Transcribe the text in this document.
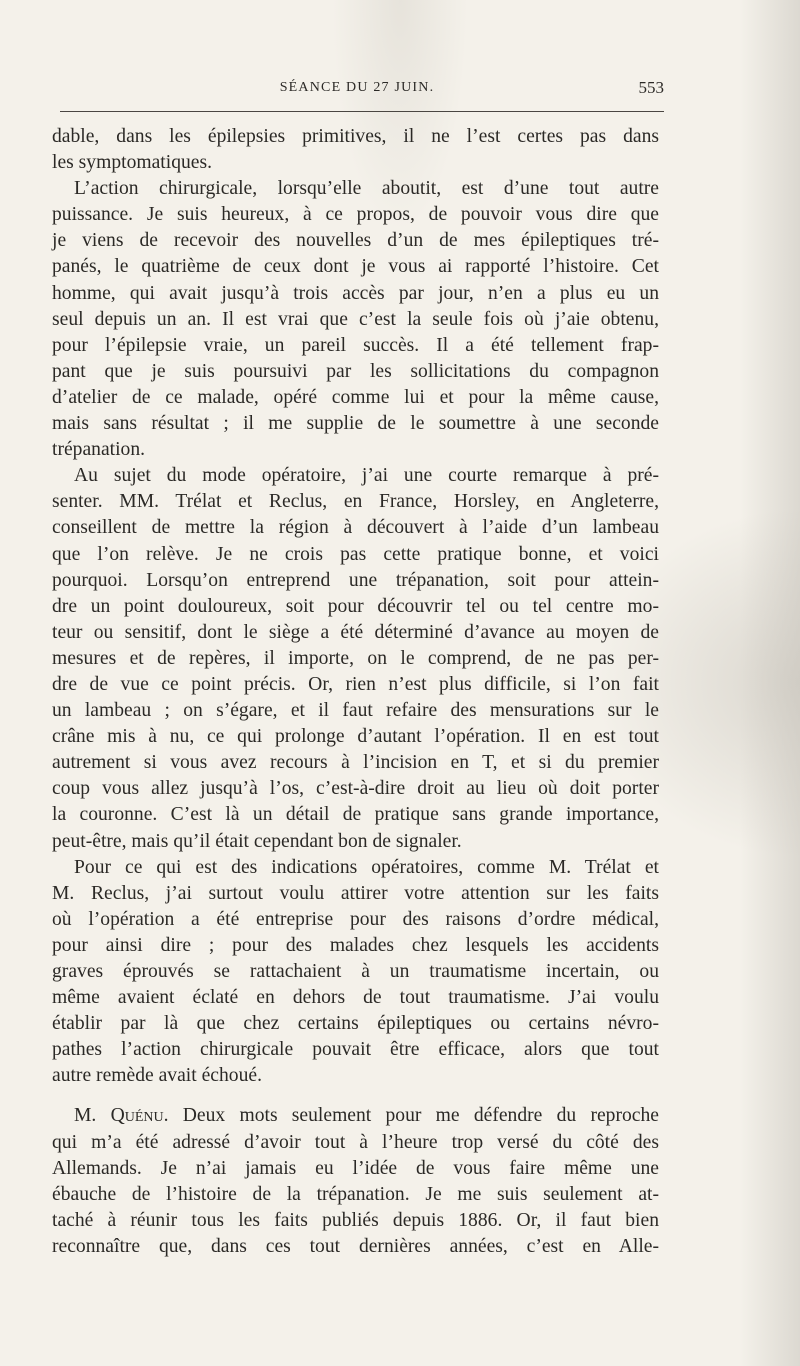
SÉANCE DU 27 JUIN.	553
dable, dans les épilepsies primitives, il ne l’est certes pas dans
les symptomatiques.
L’action chirurgicale, lorsqu’elle aboutit, est d’une tout autre
puissance. Je suis heureux, à ce propos, de pouvoir vous dire que
je viens de recevoir des nouvelles d’un de mes épileptiques tré-
panés, le quatrième de ceux dont je vous ai rapporté l’histoire. Cet
homme, qui avait jusqu’à trois accès par jour, n’en a plus eu un
seul depuis un an. Il est vrai que c’est la seule fois où j’aie obtenu,
pour l’épilepsie vraie, un pareil succès. Il a été tellement frap-
pant que je suis poursuivi par les sollicitations du compagnon
d’atelier de ce malade, opéré comme lui et pour la même cause,
mais sans résultat ; il me supplie de le soumettre à une seconde
trépanation.
Au sujet du mode opératoire, j’ai une courte remarque à pré-
senter. MM. Trélat et Reclus, en France, Horsley, en Angleterre,
conseillent de mettre la région à découvert à l’aide d’un lambeau
que l’on relève. Je ne crois pas cette pratique bonne, et voici
pourquoi. Lorsqu’on entreprend une trépanation, soit pour attein-
dre un point douloureux, soit pour découvrir tel ou tel centre mo-
teur ou sensitif, dont le siège a été déterminé d’avance au moyen de
mesures et de repères, il importe, on le comprend, de ne pas per-
dre de vue ce point précis. Or, rien n’est plus difficile, si l’on fait
un lambeau ; on s’égare, et il faut refaire des mensurations sur le
crâne mis à nu, ce qui prolonge d’autant l’opération. Il en est tout
autrement si vous avez recours à l’incision en T, et si du premier
coup vous allez jusqu’à l’os, c’est-à-dire droit au lieu où doit porter
la couronne. C’est là un détail de pratique sans grande importance,
peut-être, mais qu’il était cependant bon de signaler.
Pour ce qui est des indications opératoires, comme M. Trélat et
M. Reclus, j’ai surtout voulu attirer votre attention sur les faits
où l’opération a été entreprise pour des raisons d’ordre médical,
pour ainsi dire ; pour des malades chez lesquels les accidents
graves éprouvés se rattachaient à un traumatisme incertain, ou
même avaient éclaté en dehors de tout traumatisme. J’ai voulu
établir par là que chez certains épileptiques ou certains névro-
pathes l’action chirurgicale pouvait être efficace, alors que tout
autre remède avait échoué.
M. Quénu. Deux mots seulement pour me défendre du reproche
qui m’a été adressé d’avoir tout à l’heure trop versé du côté des
Allemands. Je n’ai jamais eu l’idée de vous faire même une
ébauche de l’histoire de la trépanation. Je me suis seulement at-
taché à réunir tous les faits publiés depuis 1886. Or, il faut bien
reconnaître que, dans ces tout dernières années, c’est en Alle-
